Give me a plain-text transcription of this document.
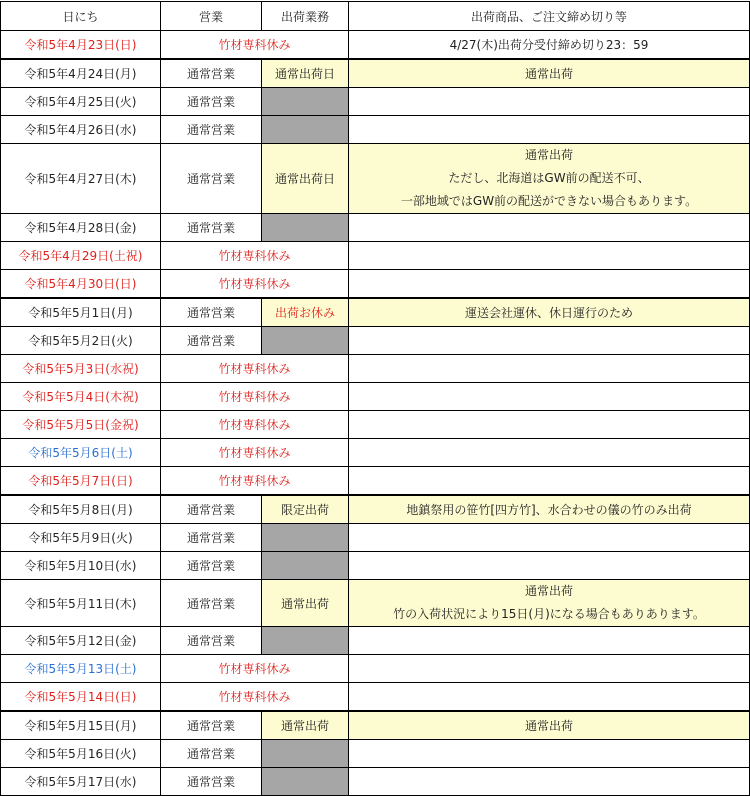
日にち	営業	出荷業務	出荷商品、ご注文締め切り等
令和5年4月23日(日)	竹材専科休み		4/27(木)出荷分受付締め切り23：59
令和5年4月24日(月)	通常営業	通常出荷日	通常出荷
令和5年4月25日(火)	通常営業		
令和5年4月26日(水)	通常営業		
令和5年4月27日(木)	通常営業	通常出荷日	通常出荷
ただし、北海道はGW前の配送不可、
一部地域ではGW前の配送ができない場合もあります。

令和5年4月28日(金)	通常営業		
令和5年4月29日(土祝)	竹材専科休み		
令和5年4月30日(日)	竹材専科休み		
令和5年5月1日(月)	通常営業	出荷お休み	運送会社運休、休日運行のため
令和5年5月2日(火)	通常営業		
令和5年5月3日(水祝)	竹材専科休み		
令和5年5月4日(木祝)	竹材専科休み		
令和5年5月5日(金祝)	竹材専科休み		
令和5年5月6日(土)	竹材専科休み		
令和5年5月7日(日)	竹材専科休み		
令和5年5月8日(月)	通常営業	限定出荷	地鎮祭用の笹竹[四方竹]、水合わせの儀の竹のみ出荷
令和5年5月9日(火)	通常営業		
令和5年5月10日(水)	通常営業		
令和5年5月11日(木)	通常営業	通常出荷	通常出荷
竹の入荷状況により15日(月)になる場合もありあります。

令和5年5月12日(金)	通常営業		
令和5年5月13日(土)	竹材専科休み		
令和5年5月14日(日)	竹材専科休み		
令和5年5月15日(月)	通常営業	通常出荷	通常出荷
令和5年5月16日(火)	通常営業		
令和5年5月17日(水)	通常営業		
